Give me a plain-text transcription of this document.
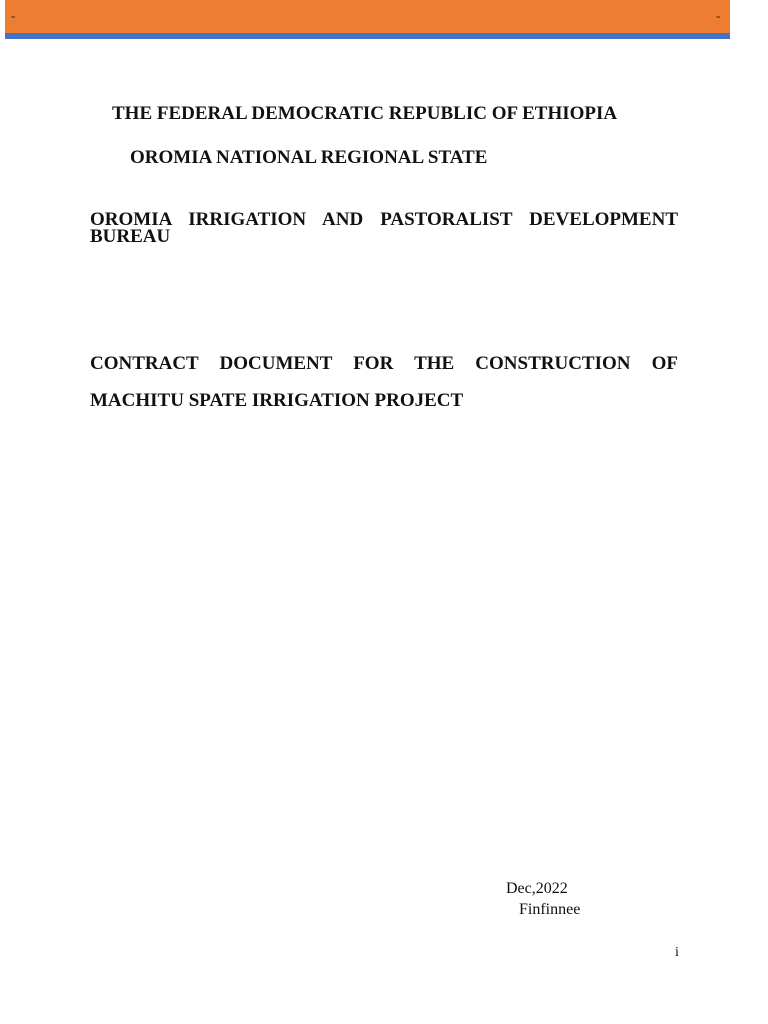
-	-
THE FEDERAL DEMOCRATIC REPUBLIC OF ETHIOPIA
OROMIA NATIONAL REGIONAL STATE
OROMIA IRRIGATION AND PASTORALIST DEVELOPMENT
BUREAU
CONTRACT DOCUMENT FOR THE CONSTRUCTION OF
MACHITU SPATE IRRIGATION PROJECT
Dec,2022
Finfinnee
i
